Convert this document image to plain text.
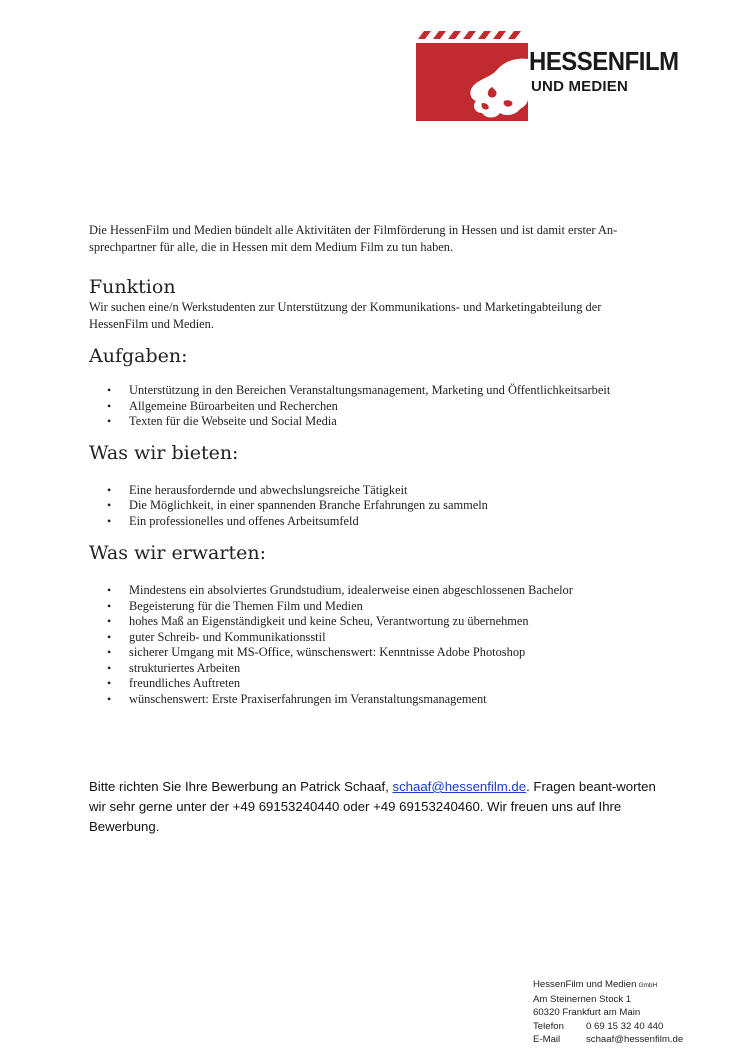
HESSENFILM
UND MEDIEN

Die HessenFilm und Medien bündelt alle Aktivitäten der Filmförderung in Hessen und ist damit erster An-sprechpartner für alle, die in Hessen mit dem Medium Film zu tun haben.

Funktion

Wir suchen eine/n Werkstudenten zur Unterstützung der Kommunikations- und Marketingabteilung der HessenFilm und Medien.

Aufgaben:
• Unterstützung in den Bereichen Veranstaltungsmanagement, Marketing und Öffentlichkeitsarbeit
• Allgemeine Büroarbeiten und Recherchen
• Texten für die Webseite und Social Media
Was wir bieten:
• Eine herausfordernde und abwechslungsreiche Tätigkeit
• Die Möglichkeit, in einer spannenden Branche Erfahrungen zu sammeln
• Ein professionelles und offenes Arbeitsumfeld
Was wir erwarten:
• Mindestens ein absolviertes Grundstudium, idealerweise einen abgeschlossenen Bachelor
• Begeisterung für die Themen Film und Medien
• hohes Maß an Eigenständigkeit und keine Scheu, Verantwortung zu übernehmen
• guter Schreib- und Kommunikationsstil
• sicherer Umgang mit MS-Office, wünschenswert: Kenntnisse Adobe Photoshop
• strukturiertes Arbeiten
• freundliches Auftreten
• wünschenswert: Erste Praxiserfahrungen im Veranstaltungsmanagement
Bitte richten Sie Ihre Bewerbung an Patrick Schaaf, schaaf@hessenfilm.de. Fragen beant-worten wir sehr gerne unter der +49 69153240440 oder +49 69153240460. Wir freuen uns auf Ihre Bewerbung.
HessenFilm und Medien GmbH
Am Steinernen Stock 1
60320 Frankfurt am Main
Telefon 0 69 15 32 40 440
E-Mail	schaaf@hessenfilm.de
